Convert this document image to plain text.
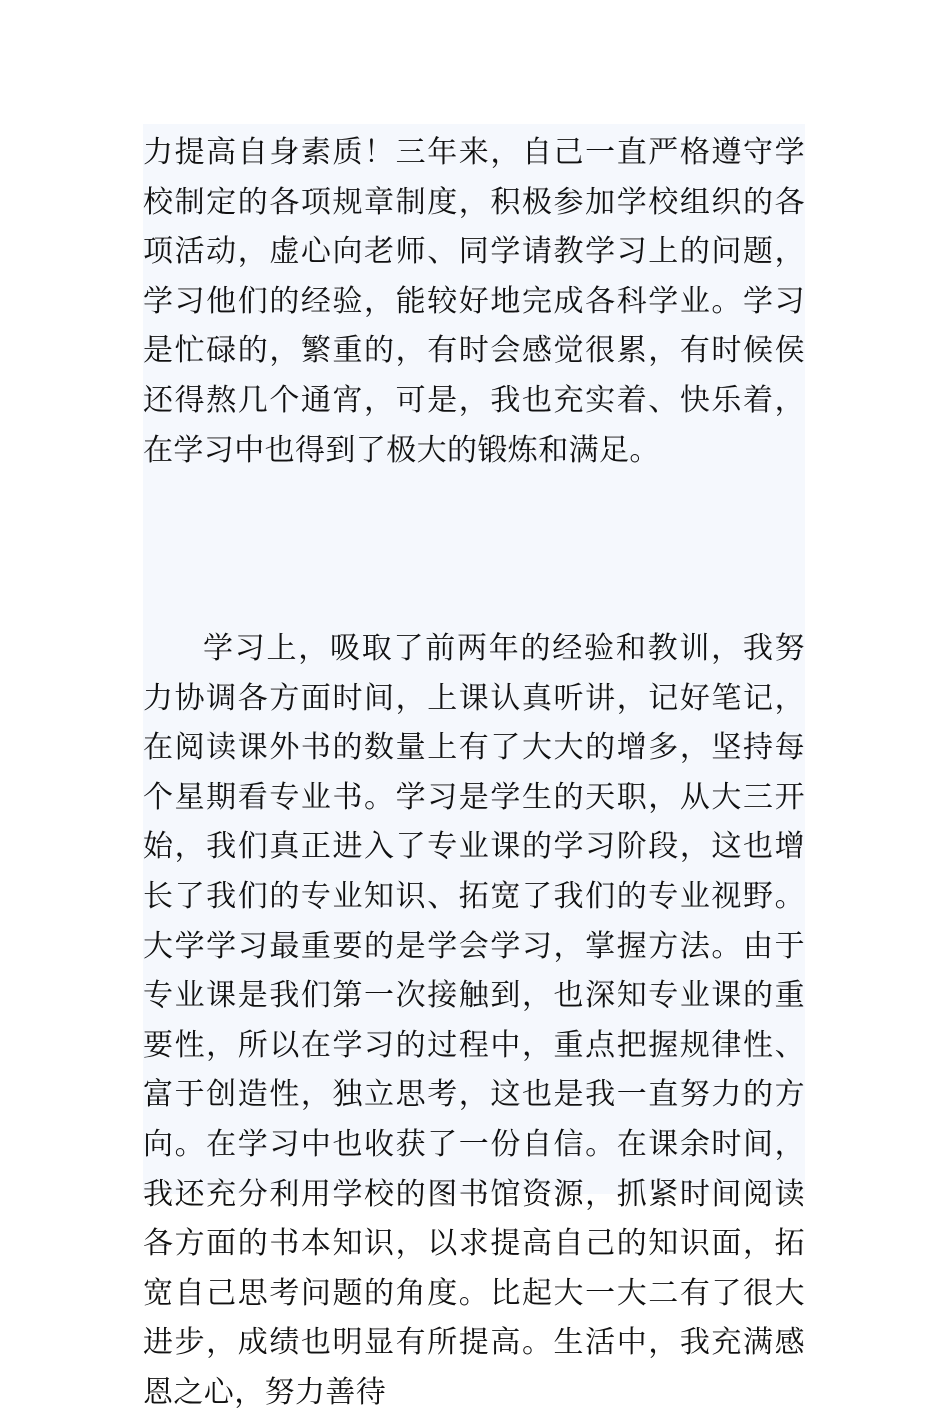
力提高自身素质！三年来，自己一直严格遵守学校制定的各项规章制度，积极参加学校组织的各项活动，虚心向老师、同学请教学习上的问题，学习他们的经验，能较好地完成各科学业。学习是忙碌的，繁重的，有时会感觉很累，有时候侯还得熬几个通宵，可是，我也充实着、快乐着，在学习中也得到了极大的锻炼和满足。

学习上，吸取了前两年的经验和教训，我努力协调各方面时间，上课认真听讲，记好笔记，在阅读课外书的数量上有了大大的增多，坚持每个星期看专业书。学习是学生的天职，从大三开始，我们真正进入了专业课的学习阶段，这也增长了我们的专业知识、拓宽了我们的专业视野。大学学习最重要的是学会学习，掌握方法。由于专业课是我们第一次接触到，也深知专业课的重要性，所以在学习的过程中，重点把握规律性、富于创造性，独立思考，这也是我一直努力的方向。在学习中也收获了一份自信。在课余时间，我还充分利用学校的图书馆资源，抓紧时间阅读各方面的书本知识，以求提高自己的知识面，拓宽自己思考问题的角度。比起大一大二有了很大进步，成绩也明显有所提高。生活中，我充满感恩之心，努力善待
